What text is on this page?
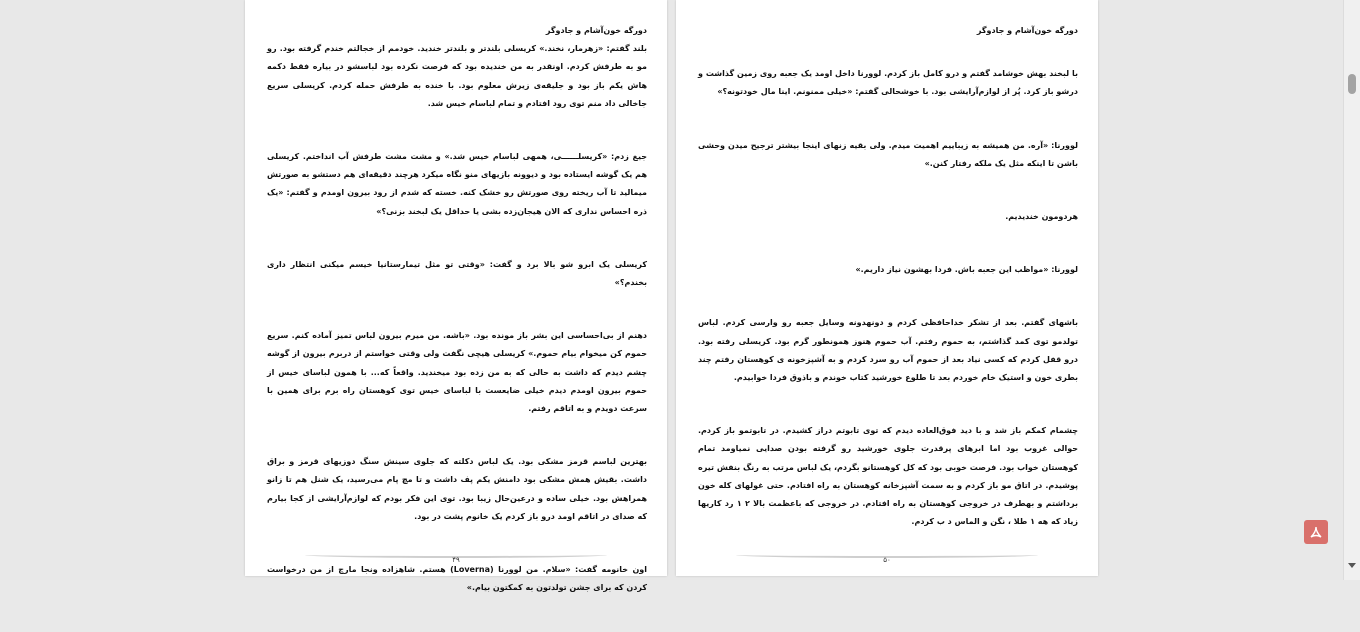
دورگه خون‌آشام و جادوگر

بلند گفتم: «زهرمار، نخند.» کریسلی بلندتر و بلندتر خندید. خودمم از خجالتم خندم گرفته بود. رو مو به طرفش کردم. اونقدر به من خندیده بود که فرصت نکرده بود لباسشو در بیاره فقط دکمه هاش یکم باز بود و جلیقه‌ی زیرش معلوم بود. با خنده به طرفش حمله کردم. کریسلی سریع جاخالی داد منم توی رود افتادم و تمام لباسام خیس شد.

جیغ زدم: «کریسلــــــی، همهی لباسام خیس شد.» و مشت مشت طرفش آب انداختم. کریسلی هم یک گوشه ایستاده بود و دیوونه بازیهای منو نگاه میکرد هرچند دقیقه‌ای هم دستشو به صورتش میمالید تا آب ریخته روی صورتش رو خشک کنه. خسته که شدم از رود بیرون اومدم و گفتم: «یک ذره احساس نداری که الان هیجان‌زده بشی یا حداقل یک لبخند بزنی؟»

کریسلی یک ابرو شو بالا برد و گفت: «وقتی تو مثل تیمارستانیا خیسم میکنی انتظار داری بخندم؟»

دهنم از بی‌احساسی این بشر باز مونده بود. «باشه. من میرم بیرون لباس تمیز آماده کنم. سریع حموم کن میخوام بیام حموم.» کریسلی هیچی نگفت ولی وقتی خواستم از دربرم بیرون از گوشه چشم دیدم که داشت به حالی که به من زده بود میخندید. واقعاً که... با همون لباسای خیس از حموم بیرون اومدم دیدم خیلی ضایعست با لباسای خیس توی کوهستان راه برم برای همین با سرعت دویدم و به اتاقم رفتم.

بهترین لباسم قرمز مشکی بود. یک لباس دکلته که جلوی سینش سنگ دوزیهای قرمز و براق داشت. بقیش همش مشکی بود دامنش یکم پف داشت و تا مچ پام می‌رسید، یک شنل هم تا زانو همراهش بود. خیلی ساده و درعین‌حال زیبا بود. توی این فکر بودم که لوازم‌آرایشی از کجا بیارم که صدای در اتاقم اومد درو باز کردم یک خانوم پشت در بود.

اون خانومه گفت: «سلام. من لوورنا (Loverna) هستم. شاهزاده ونجا مارچ از من درخواست کردن که برای جشن تولدتون به کمکتون بیام.»

۴۹

دورگه خون‌آشام و جادوگر

با لبخند بهش خوشامد گفتم و درو کامل باز کردم. لوورنا داخل اومد یک جعبه روی زمین گذاشت و درشو باز کرد. پُر از لوازم‌آرایشی بود. با خوشحالی گفتم: «خیلی ممنونم. اینا مال خودتونه؟»

لوورنا: «آره. من همیشه به زیباییم اهمیت میدم. ولی بقیه زنهای اینجا بیشتر ترجیح میدن وحشی باشن تا اینکه مثل یک ملکه رفتار کنن.»

هردومون خندیدیم.

لوورنا: «مواظب این جعبه باش. فردا بهشون نیاز داریم.»

باشهای گفتم. بعد از تشکر خداحافظی کردم و دونهدونه وسایل جعبه رو وارسی کردم. لباس تولدمو توی کمد گذاشتم، به حموم رفتم. آب حموم هنوز همونطور گرم بود. کریسلی رفته بود. درو قفل کردم که کسی نیاد بعد از حموم آب رو سرد کردم و به آشپزخونه ی کوهستان رفتم چند بطری خون و استیک خام خوردم بعد تا طلوع خورشید کتاب خوندم و باذوق فردا خوابیدم.

چشمام کمکم باز شد و با دید فوق‌العاده دیدم که توی تابوتم دراز کشیدم. در تابوتمو باز کردم. حوالی غروب بود اما ابرهای پرقدرت جلوی خورشید رو گرفته بودن صدایی نمیاومد تمام کوهستان خواب بود. فرصت خوبی بود که کل کوهستانو بگردم، یک لباس مرتب به رنگ بنفش تیره پوشیدم. در اتاق مو باز کردم و به سمت آشپزخانه کوهستان به راه افتادم. حتی غولهای کله خون برداشتم و بهطرف در خروجی کوهستان به راه افتادم. در خروجی که باعظمت بالا ۲ ۱ رد کاریها زیاد که هه ۱ طلا ، نگن و الماس د ب کردم.

۵۰
